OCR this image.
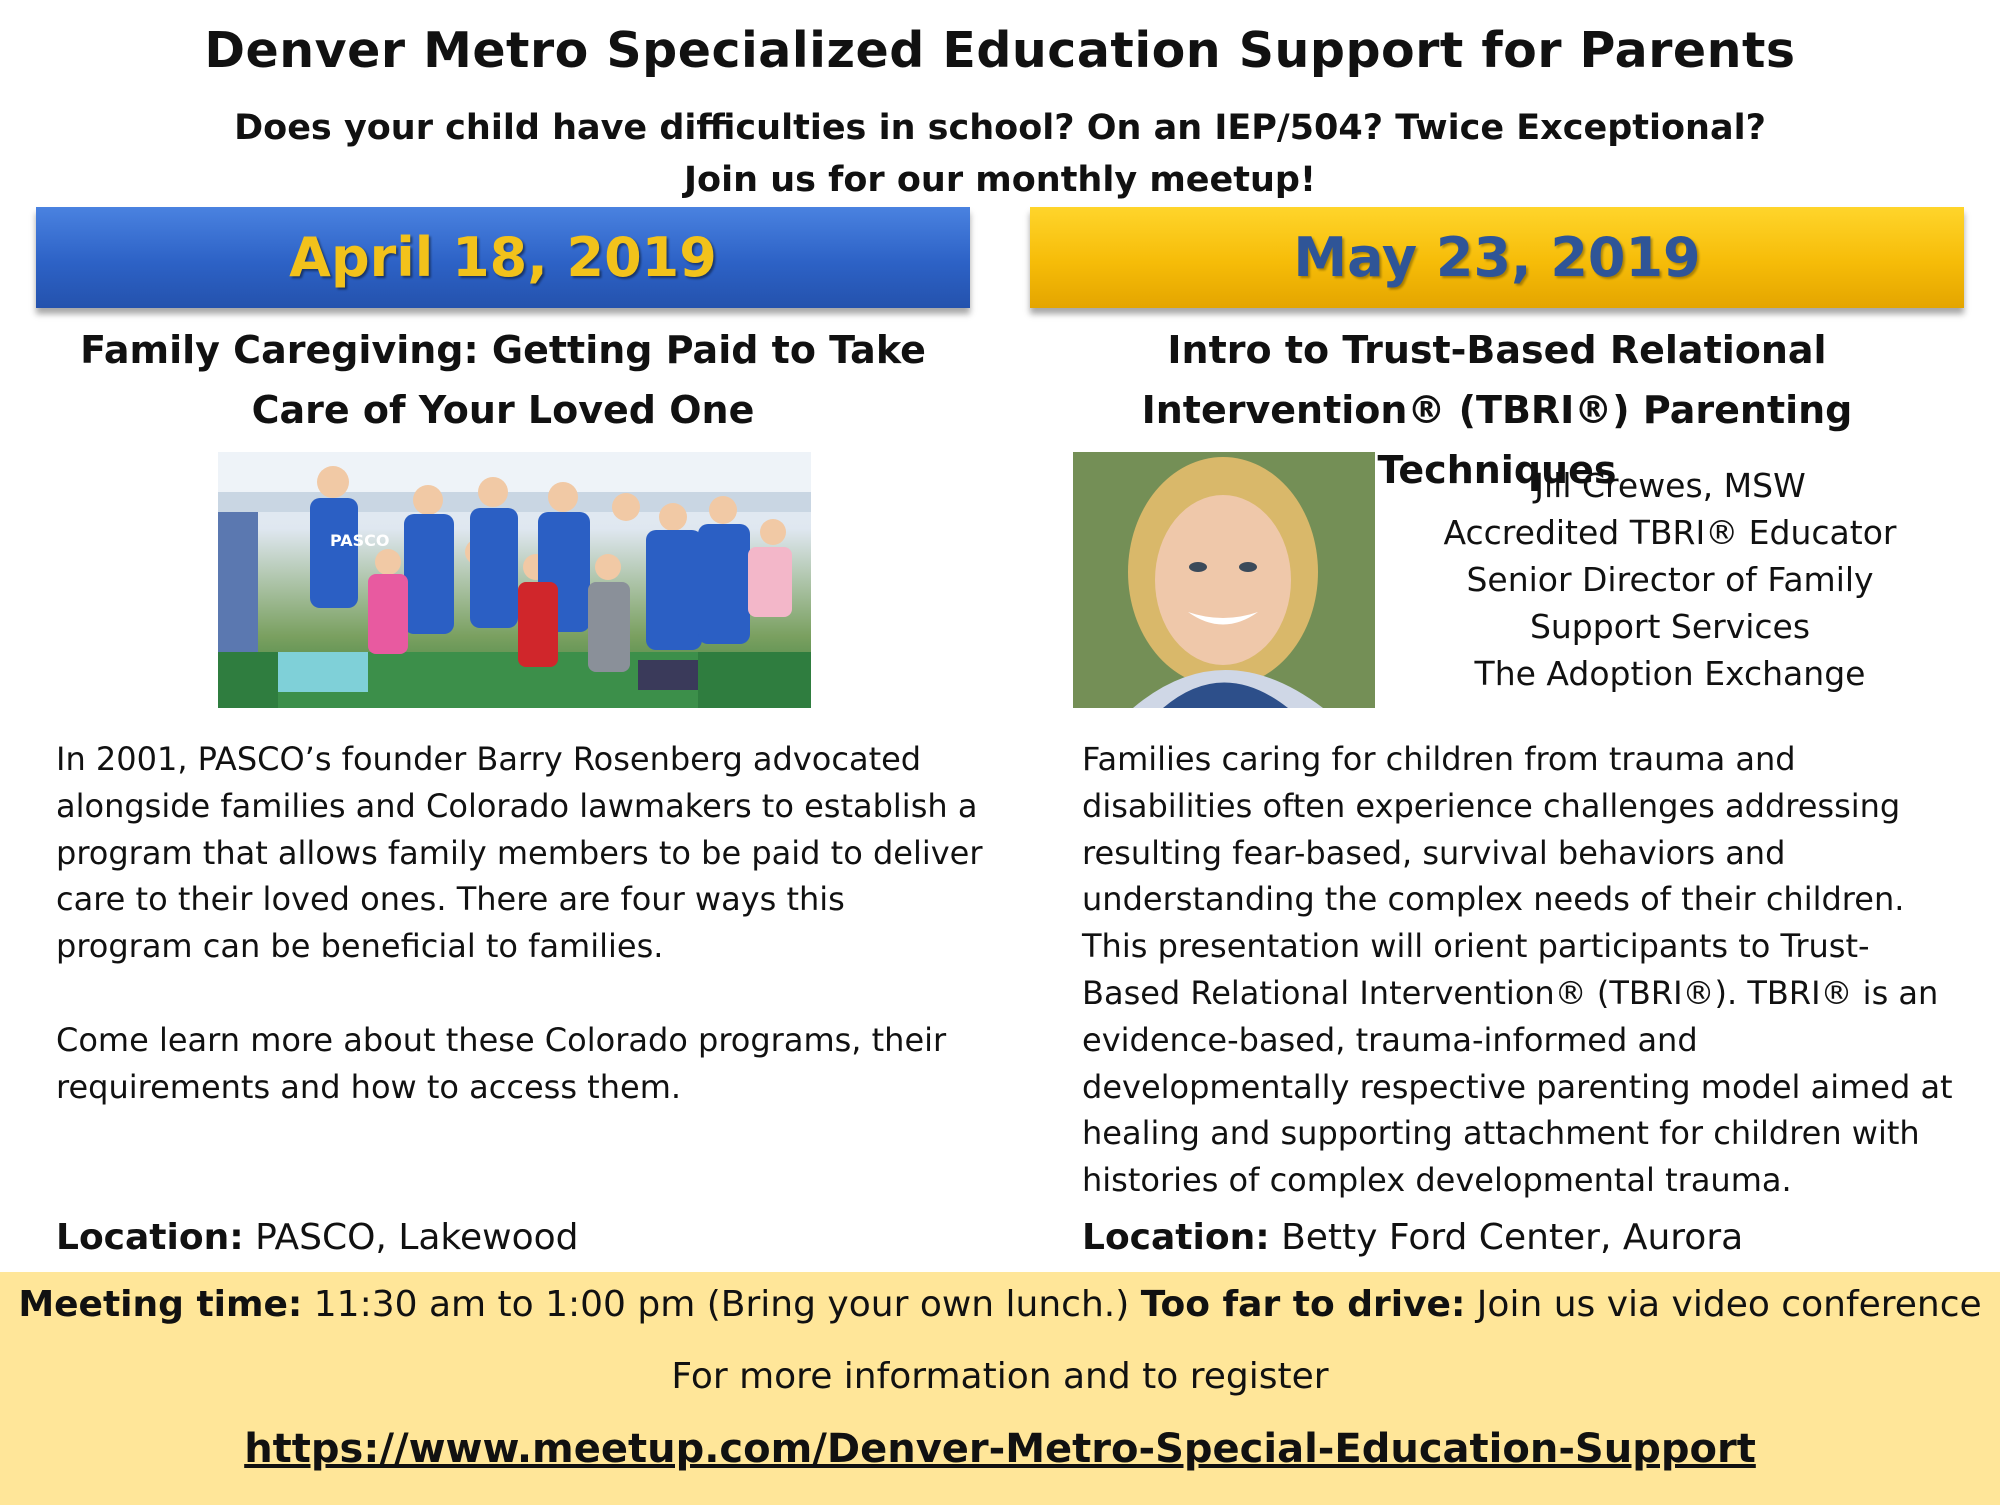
Denver Metro Specialized Education Support for Parents
Does your child have difficulties in school? On an IEP/504? Twice Exceptional?
Join us for our monthly meetup!
April 18, 2019	May 23, 2019
Family Caregiving: Getting Paid to Take
Care of Your Loved One
Intro to Trust-Based Relational
Intervention® (TBRI®) Parenting Techniques
PASCO
Jill Crewes, MSW
Accredited TBRI® Educator
Senior Director of Family
Support Services
The Adoption Exchange

In 2001, PASCO’s founder Barry Rosenberg advocated alongside families and Colorado lawmakers to establish a program that allows family members to be paid to deliver care to their loved ones. There are four ways this program can be beneficial to families.

Come learn more about these Colorado programs, their requirements and how to access them.

Families caring for children from trauma and disabilities often experience challenges addressing resulting fear-based, survival behaviors and understanding the complex needs of their children. This presentation will orient participants to Trust-Based Relational Intervention® (TBRI®). TBRI® is an evidence-based, trauma-informed and developmentally respective parenting model aimed at healing and supporting attachment for children with histories of complex developmental trauma.

Location: PASCO, Lakewood	Location: Betty Ford Center, Aurora
Meeting time: 11:30 am to 1:00 pm (Bring your own lunch.) Too far to drive: Join us via video conference
For more information and to register
https://www.meetup.com/Denver-Metro-Special-Education-Support
